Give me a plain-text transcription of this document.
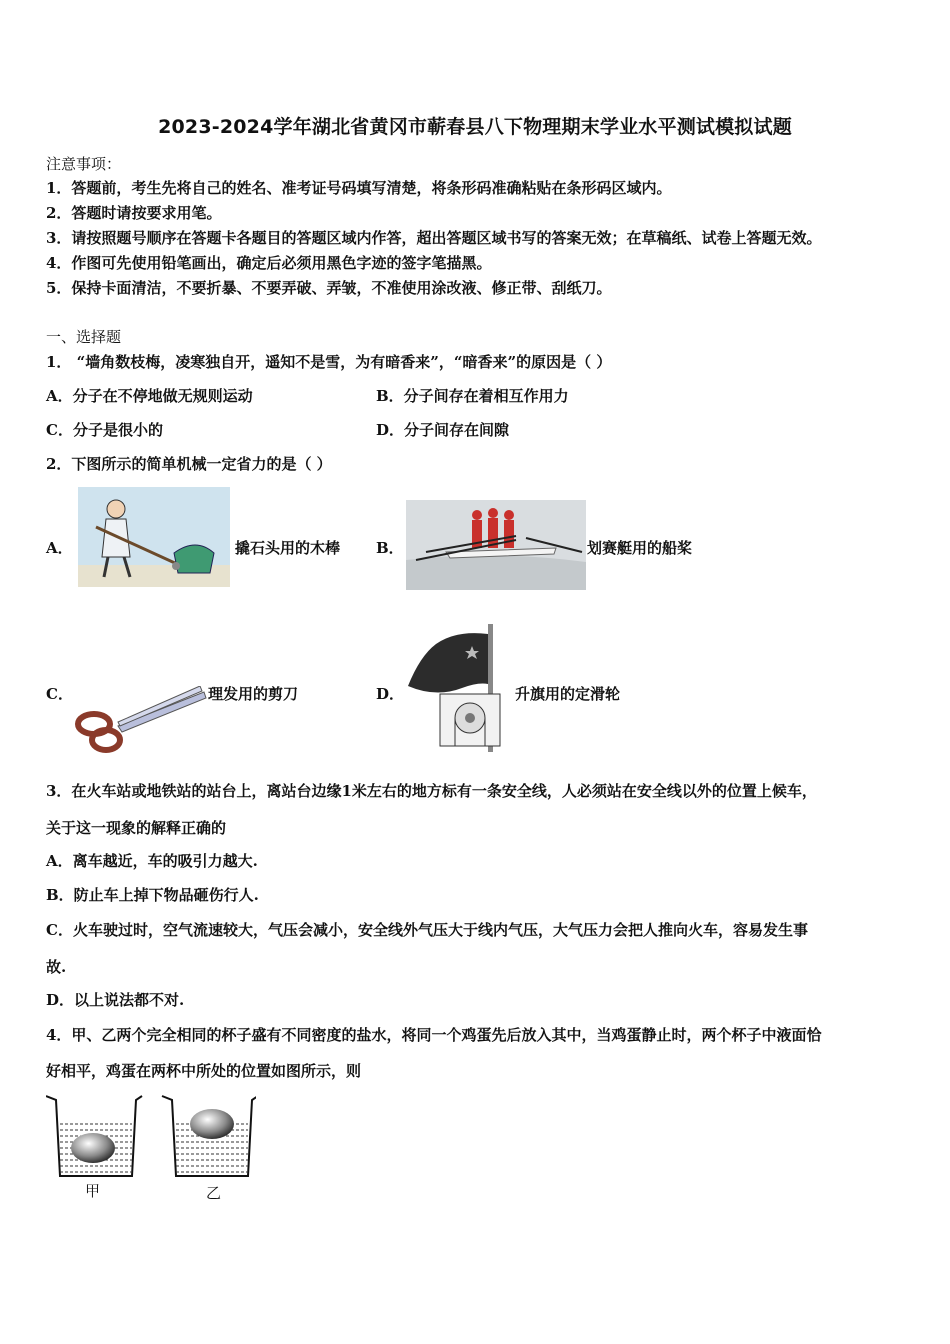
2023-2024学年湖北省黄冈市蕲春县八下物理期末学业水平测试模拟试题
注意事项：
1．答题前，考生先将自己的姓名、准考证号码填写清楚，将条形码准确粘贴在条形码区域内。
2．答题时请按要求用笔。
3．请按照题号顺序在答题卡各题目的答题区域内作答，超出答题区域书写的答案无效；在草稿纸、试卷上答题无效。
4．作图可先使用铅笔画出，确定后必须用黑色字迹的签字笔描黑。
5．保持卡面清洁，不要折暴、不要弄破、弄皱，不准使用涂改液、修正带、刮纸刀。
一、选择题
1． “墙角数枝梅，凌寒独自开，遥知不是雪，为有暗香来”，“暗香来”的原因是（ ）
A．分子在不停地做无规则运动	B．分子间存在着相互作用力
C．分子是很小的	D．分子间存在间隙
2．下图所示的简单机械一定省力的是（ ）
A．	撬石头用的木棒 B．	划赛艇用的船桨
C．	理发用的剪刀	D．	升旗用的定滑轮
3．在火车站或地铁站的站台上，离站台边缘1米左右的地方标有一条安全线，人必须站在安全线以外的位置上候车，
关于这一现象的解释正确的
A．离车越近，车的吸引力越大.
B．防止车上掉下物品砸伤行人.
C．火车驶过时，空气流速较大，气压会减小，安全线外气压大于线内气压，大气压力会把人推向火车，容易发生事
故.
D．以上说法都不对.
4．甲、乙两个完全相同的杯子盛有不同密度的盐水，将同一个鸡蛋先后放入其中，当鸡蛋静止时，两个杯子中液面恰
好相平，鸡蛋在两杯中所处的位置如图所示，则
甲	乙
